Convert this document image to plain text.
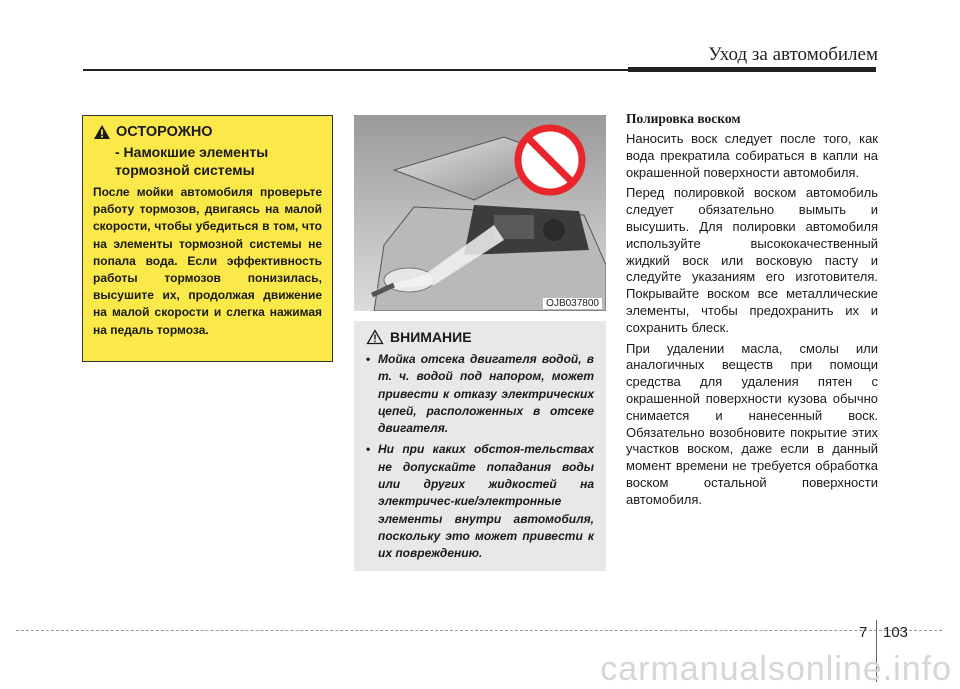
Уход за автомобилем
ОСТОРОЖНО
- Намокшие элементы тормозной системы
После мойки автомобиля проверьте работу тормозов, двигаясь на малой скорости, чтобы убедиться в том, что на элементы тормозной системы не попала вода. Если эффективность работы тормозов понизилась, высушите их, продолжая движение на малой скорости и слегка нажимая на педаль тормоза.
OJB037800
ВНИМАНИЕ
• Мойка отсека двигателя водой, в т. ч. водой под напором, может привести к отказу электрических цепей, расположенных в отсеке двигателя.
• Ни при каких обстоя-тельствах не допускайте попадания воды или других жидкостей на электричес-кие/электронные элементы внутри автомобиля, поскольку это может привести к их повреждению.
Полировка воском

Наносить воск следует после того, как вода прекратила собираться в капли на окрашенной поверхности автомобиля.

Перед полировкой воском автомобиль следует обязательно вымыть и высушить. Для полировки автомобиля используйте высококачественный жидкий воск или восковую пасту и следуйте указаниям его изготовителя. Покрывайте воском все металлические элементы, чтобы предохранить их и сохранить блеск.

При удалении масла, смолы или аналогичных веществ при помощи средства для удаления пятен с окрашенной поверхности кузова обычно снимается и нанесенный воск. Обязательно возобновите покрытие этих участков воском, даже если в данный момент времени не требуется обработка воском остальной поверхности автомобиля.

7 103
carmanualsonline.info
